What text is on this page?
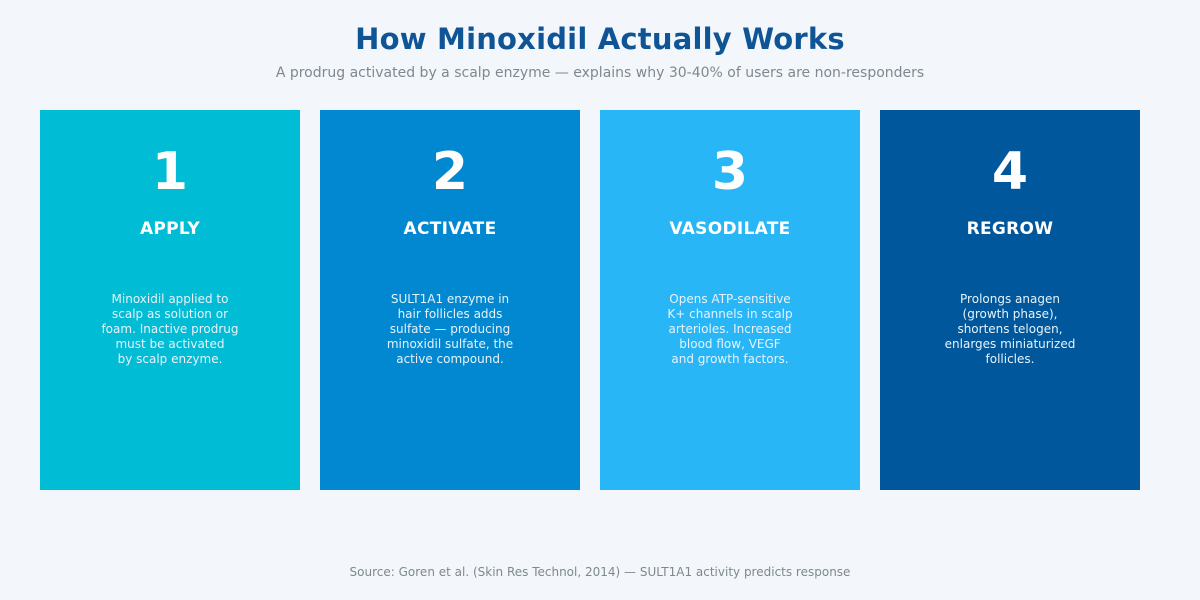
How Minoxidil Actually Works
A prodrug activated by a scalp enzyme — explains why 30-40% of users are non-responders
1
APPLY
Minoxidil applied to
scalp as solution or
foam. Inactive prodrug
must be activated
by scalp enzyme.
2
ACTIVATE
SULT1A1 enzyme in
hair follicles adds
sulfate — producing
minoxidil sulfate, the
active compound.
3
VASODILATE
Opens ATP-sensitive
K+ channels in scalp
arterioles. Increased
blood flow, VEGF
and growth factors.
4
REGROW
Prolongs anagen
(growth phase),
shortens telogen,
enlarges miniaturized
follicles.
Source: Goren et al. (Skin Res Technol, 2014) — SULT1A1 activity predicts response
